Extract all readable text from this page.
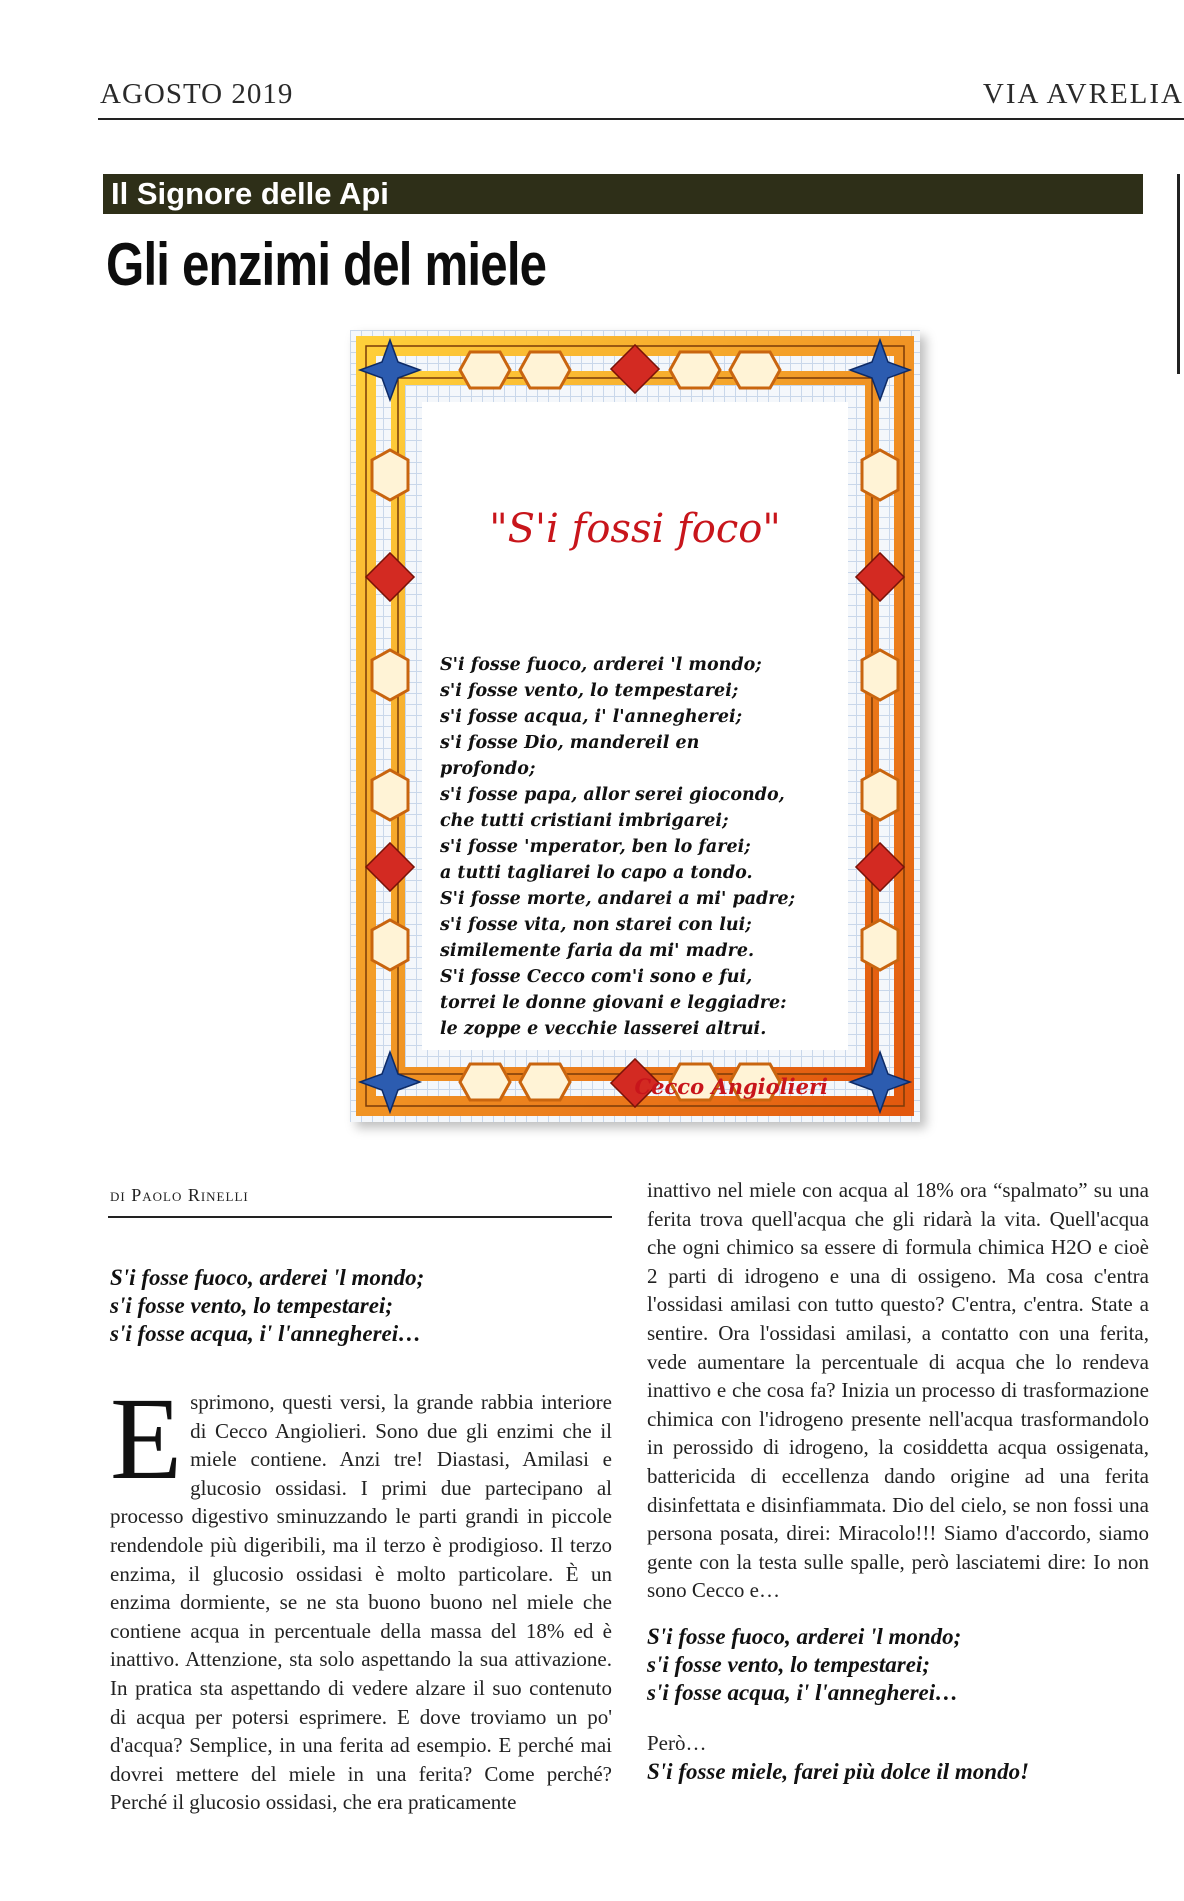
AGOSTO 2019	VIA AVRELIA
Il Signore delle Api
Gli enzimi del miele
"S'i fossi foco"
S'i fosse fuoco, arderei 'l mondo;
s'i fosse vento, lo tempestarei;
s'i fosse acqua, i' l'annegherei;
s'i fosse Dio, mandereil en
profondo;
s'i fosse papa, allor serei giocondo,
che tutti cristiani imbrigarei;
s'i fosse 'mperator, ben lo farei;
a tutti tagliarei lo capo a tondo.
S'i fosse morte, andarei a mi' padre;
s'i fosse vita, non starei con lui;
similemente faria da mi' madre.
S'i fosse Cecco com'i sono e fui,
torrei le donne giovani e leggiadre:
le zoppe e vecchie lasserei altrui.
Cecco Angiolieri
di Paolo Rinelli
S'i fosse fuoco, arderei 'l mondo;
s'i fosse vento, lo tempestarei;
s'i fosse acqua, i' l'annegherei…

Esprimono, questi versi, la grande rabbia interiore di Cecco Angiolieri. Sono due gli enzimi che il miele contiene. Anzi tre! Diastasi, Amilasi e glucosio ossidasi. I primi due partecipano al processo digestivo sminuzzando le parti grandi in piccole rendendole più digeribili, ma il terzo è prodigioso. Il terzo enzima, il glucosio ossidasi è molto particolare. È un enzima dormiente, se ne sta buono buono nel miele che contiene acqua in percentuale della massa del 18% ed è inattivo. Attenzione, sta solo aspettando la sua attivazione. In pratica sta aspettando di vedere alzare il suo contenuto di acqua per potersi esprimere. E dove troviamo un po' d'acqua? Semplice, in una ferita ad esempio. E perché mai dovrei mettere del miele in una ferita? Come perché? Perché il glucosio ossidasi, che era praticamente

inattivo nel miele con acqua al 18% ora “spalmato” su una ferita trova quell'acqua che gli ridarà la vita. Quell'acqua che ogni chimico sa essere di formula chimica H2O e cioè 2 parti di idrogeno e una di ossigeno. Ma cosa c'entra l'ossidasi amilasi con tutto questo? C'entra, c'entra. State a sentire. Ora l'ossidasi amilasi, a contatto con una ferita, vede aumentare la percentuale di acqua che lo rendeva inattivo e che cosa fa? Inizia un processo di trasformazione chimica con l'idrogeno presente nell'acqua trasformandolo in perossido di idrogeno, la cosiddetta acqua ossigenata, battericida di eccellenza dando origine ad una ferita disinfettata e disinfiammata. Dio del cielo, se non fossi una persona posata, direi: Miracolo!!! Siamo d'accordo, siamo gente con la testa sulle spalle, però lasciatemi dire: Io non sono Cecco e…

S'i fosse fuoco, arderei 'l mondo;
s'i fosse vento, lo tempestarei;
s'i fosse acqua, i' l'annegherei…
Però…
S'i fosse miele, farei più dolce il mondo!
